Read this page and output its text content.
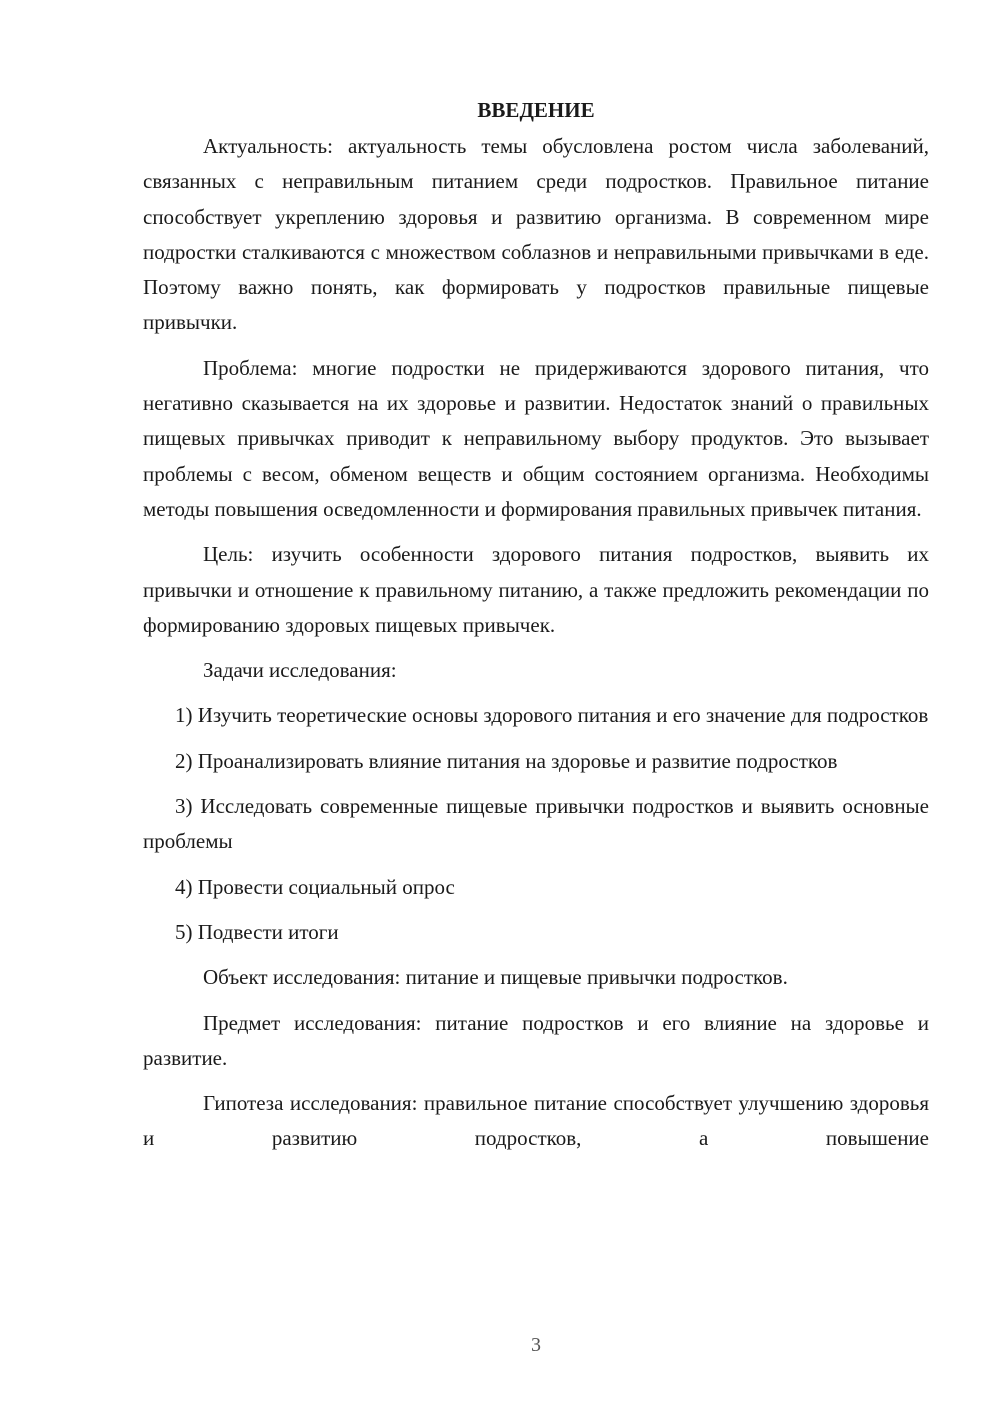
ВВЕДЕНИЕ

Актуальность: актуальность темы обусловлена ростом числа заболеваний, связанных с неправильным питанием среди подростков. Правильное питание способствует укреплению здоровья и развитию организма. В современном мире подростки сталкиваются с множеством соблазнов и неправильными привычками в еде. Поэтому важно понять, как формировать у подростков правильные пищевые привычки.

Проблема: многие подростки не придерживаются здорового питания, что негативно сказывается на их здоровье и развитии. Недостаток знаний о правильных пищевых привычках приводит к неправильному выбору продуктов. Это вызывает проблемы с весом, обменом веществ и общим состоянием организма. Необходимы методы повышения осведомленности и формирования правильных привычек питания.

Цель: изучить особенности здорового питания подростков, выявить их привычки и отношение к правильному питанию, а также предложить рекомендации по формированию здоровых пищевых привычек.

Задачи исследования:

1) Изучить теоретические основы здорового питания и его значение для подростков

2) Проанализировать влияние питания на здоровье и развитие подростков

3) Исследовать современные пищевые привычки подростков и выявить основные проблемы

4) Провести социальный опрос

5) Подвести итоги

Объект исследования: питание и пищевые привычки подростков.

Предмет исследования: питание подростков и его влияние на здоровье и развитие.

Гипотеза исследования: правильное питание способствует улучшению здоровья и развитию подростков, а повышение

3
